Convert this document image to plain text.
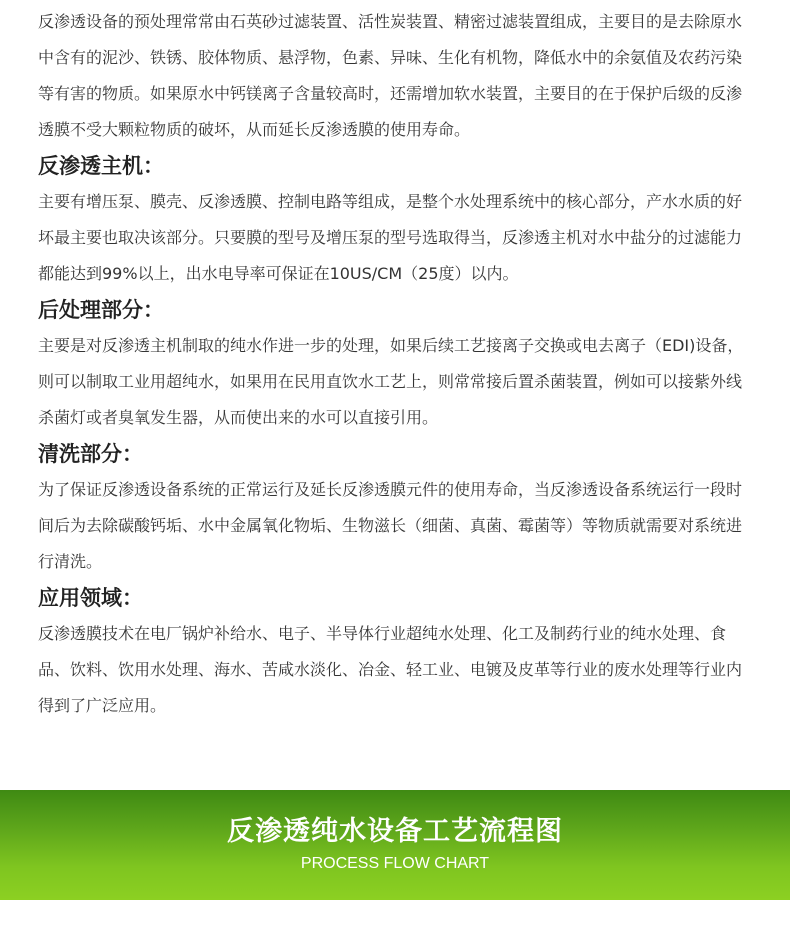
反渗透设备的预处理常常由石英砂过滤装置、活性炭装置、精密过滤装置组成，主要目的是去除原水中含有的泥沙、铁锈、胶体物质、悬浮物，色素、异味、生化有机物，降低水中的余氨值及农药污染等有害的物质。如果原水中钙镁离子含量较高时，还需增加软水装置，主要目的在于保护后级的反渗透膜不受大颗粒物质的破坏，从而延长反渗透膜的使用寿命。

反渗透主机：

主要有增压泵、膜壳、反渗透膜、控制电路等组成，是整个水处理系统中的核心部分，产水水质的好坏最主要也取决该部分。只要膜的型号及增压泵的型号选取得当，反渗透主机对水中盐分的过滤能力都能达到99%以上，出水电导率可保证在10US/CM（25度）以内。

后处理部分：

主要是对反渗透主机制取的纯水作进一步的处理，如果后续工艺接离子交换或电去离子（EDI)设备，则可以制取工业用超纯水，如果用在民用直饮水工艺上，则常常接后置杀菌装置，例如可以接紫外线杀菌灯或者臭氧发生器，从而使出来的水可以直接引用。

清洗部分：

为了保证反渗透设备系统的正常运行及延长反渗透膜元件的使用寿命，当反渗透设备系统运行一段时间后为去除碳酸钙垢、水中金属氧化物垢、生物滋长（细菌、真菌、霉菌等）等物质就需要对系统进行清洗。

应用领域：

反渗透膜技术在电厂锅炉补给水、电子、半导体行业超纯水处理、化工及制药行业的纯水处理、食品、饮料、饮用水处理、海水、苦咸水淡化、冶金、轻工业、电镀及皮革等行业的废水处理等行业内得到了广泛应用。

反渗透纯水设备工艺流程图
PROCESS FLOW CHART
